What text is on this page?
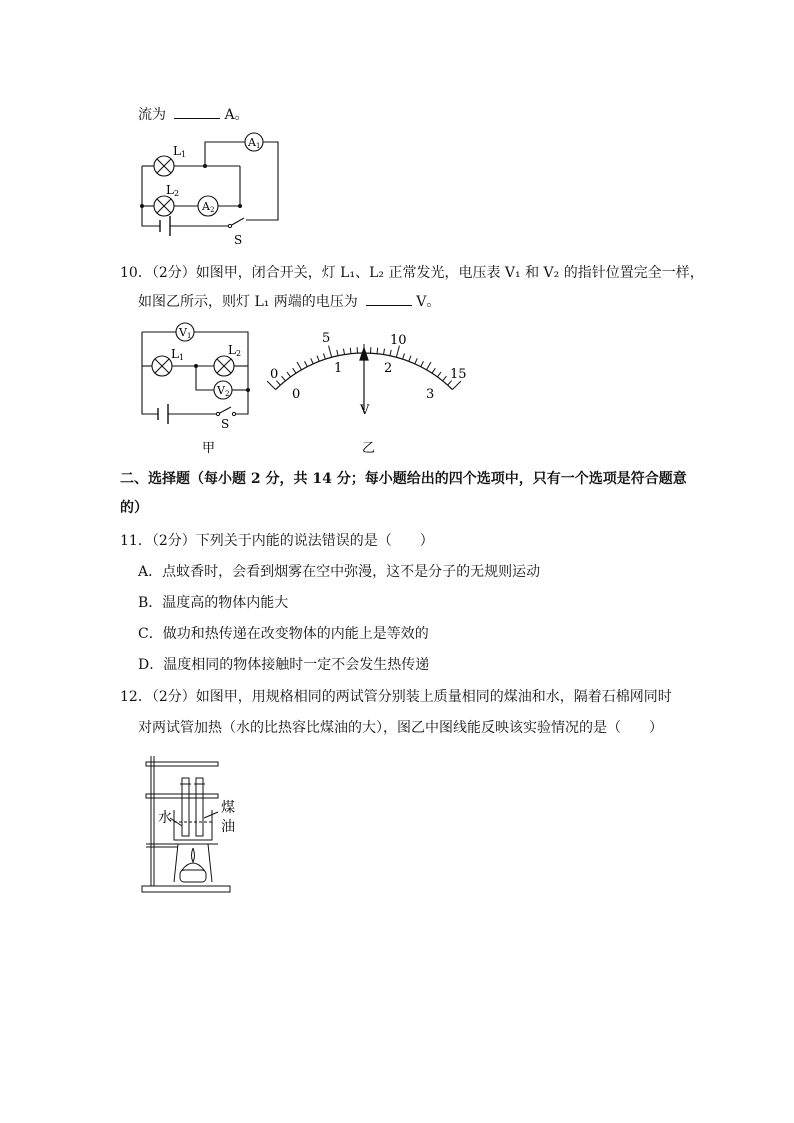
流为	A。
L1
L2
A1
A2
S
10．（2分）如图甲，闭合开关，灯 L₁、L₂ 正常发光，电压表 V₁ 和 V₂ 的指针位置完全一样，
如图乙所示，则灯 L₁ 两端的电压为	V。
V1
V2
L1
L2
S
甲
0
5	10
15
0
1	2
3
V
乙
二、选择题（每小题 2 分，共 14 分；每小题给出的四个选项中，只有一个选项是符合题意
的）
11．（2分）下列关于内能的说法错误的是（　　）
A．点蚊香时，会看到烟雾在空中弥漫，这不是分子的无规则运动
B．温度高的物体内能大
C．做功和热传递在改变物体的内能上是等效的
D．温度相同的物体接触时一定不会发生热传递
12．（2分）如图甲，用规格相同的两试管分别装上质量相同的煤油和水，隔着石棉网同时
对两试管加热（水的比热容比煤油的大），图乙中图线能反映该实验情况的是（　　）
水
煤
油
